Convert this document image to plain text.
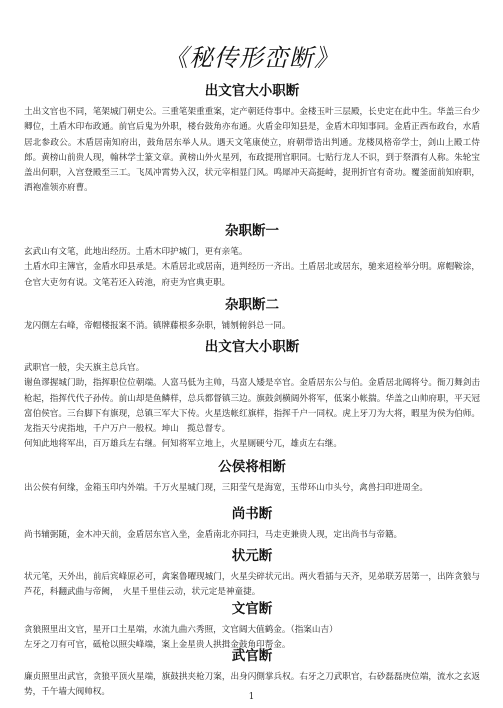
《秘传形峦断》
出文官大小职断

土出文官也不同，笔架城门朝史公。三重笔架重重案，定产朝廷侍事中。金楼玉叶三层殿，长史定在此中生。华盖三台少卿位，土盾木印布政通。前官后鬼为外职，楼台鼓角亦布通。火盾金印知县是，金盾木印知事同。金盾正西布政台，水盾居北参政公。木盾居南知府出，鼓角居东举人从。遇天文笔康使立，府朝带诰出判通。龙楼凤格帝学士，剑山上殿工侍郎。黄榜山前贵人现，翰林学士篆文章。黄榜山外火星列，布政提刑官职同。七贴行龙人不识，到于祭酒有人称。朱轮宝盖出何职，入宫登殿至三工。飞凤冲霄势入汉，状元宰相显门风。鸣犀冲天高挺峙，捉刑折官有奇功。覆釜面前知府职，洒袍准领亦府曹。

杂职断一

玄武山有文笔，此地出经历。土盾木印护城门，更有亲笔。
土盾水印主簿官，金盾水印县承是。木盾居北或居南，逍判经历一齐出。土盾居北或居东，驰来迢检举分明。席帽鞍涂，仓官大吏勿有说。文笔若还入砖池，府吏为官典吏职。

杂职断二

龙闪側左右峰，帝帽楼报案不消。镇牌藤根多杂职，铺刎俯斜总一同。

出文官大小职断

武职官一般，尖天旗主总兵官。
谢鱼谬握城门助，指挥职位位朝端。人富马低为主帅，马富人矮是卒官。金盾居东公与伯。金盾居北阔将兮。衙刀舞剑击枪起，指挥代代子孙传。前山却是鱼鳞样，总兵都督镇三边。旗鼓剑横阔外将军，低案小帐揣。华盖之山帅府职，平天冠富伯侯官。三台脚下有旗现，总镇三军大下传。火星迭帐红旗样，指挥千户一同权。虎上牙刀为大将，暇星为侯为伯师。龙指天兮虎指地，千户万户一般权。坤山　揽总督专。
何知此地将军出，百万雄兵左右继。何知将军立地上，火星厕硬兮兀，雄贞左右继。

公侯将相断

出公侯有何缘，金箱玉印内外端。千万火星城门现，三阳莹气是海宽，玉带环山巾头兮，禽兽扫印进周全。

尚书断

尚书辅弼随，金木冲天前，金盾居东官入坐，金盾南北亦同扫，马走吏兼贵人现，定出尚书与帝籍。

状元断

状元笔，天外出，前后宾峰原必可，禽案鲁曜现城门，火星尖碎状元出。两火看插与天齐，见弟联芳居第一，出阵贪狼与芦花，科翻武曲与帝阙，　火星千里佳云动，状元定是神童捷。

文官断

贪狼照里出文官，星开口土星端，水流九曲六秀照，文官阔大值鹤金。（指案山吉）
左牙之刀有可官，砥枪以照尖峰端，案上金星贵人拱揖金鼓角印帮金。

武官断

廉贞照里出武官，贪狼平顶火星端，旗鼓拱夹枪刀案，出身闪側掌兵权。右牙之刀武职官，右砂磊磊庚位端，流水之玄返势，千午墙大阀帅权。	1
